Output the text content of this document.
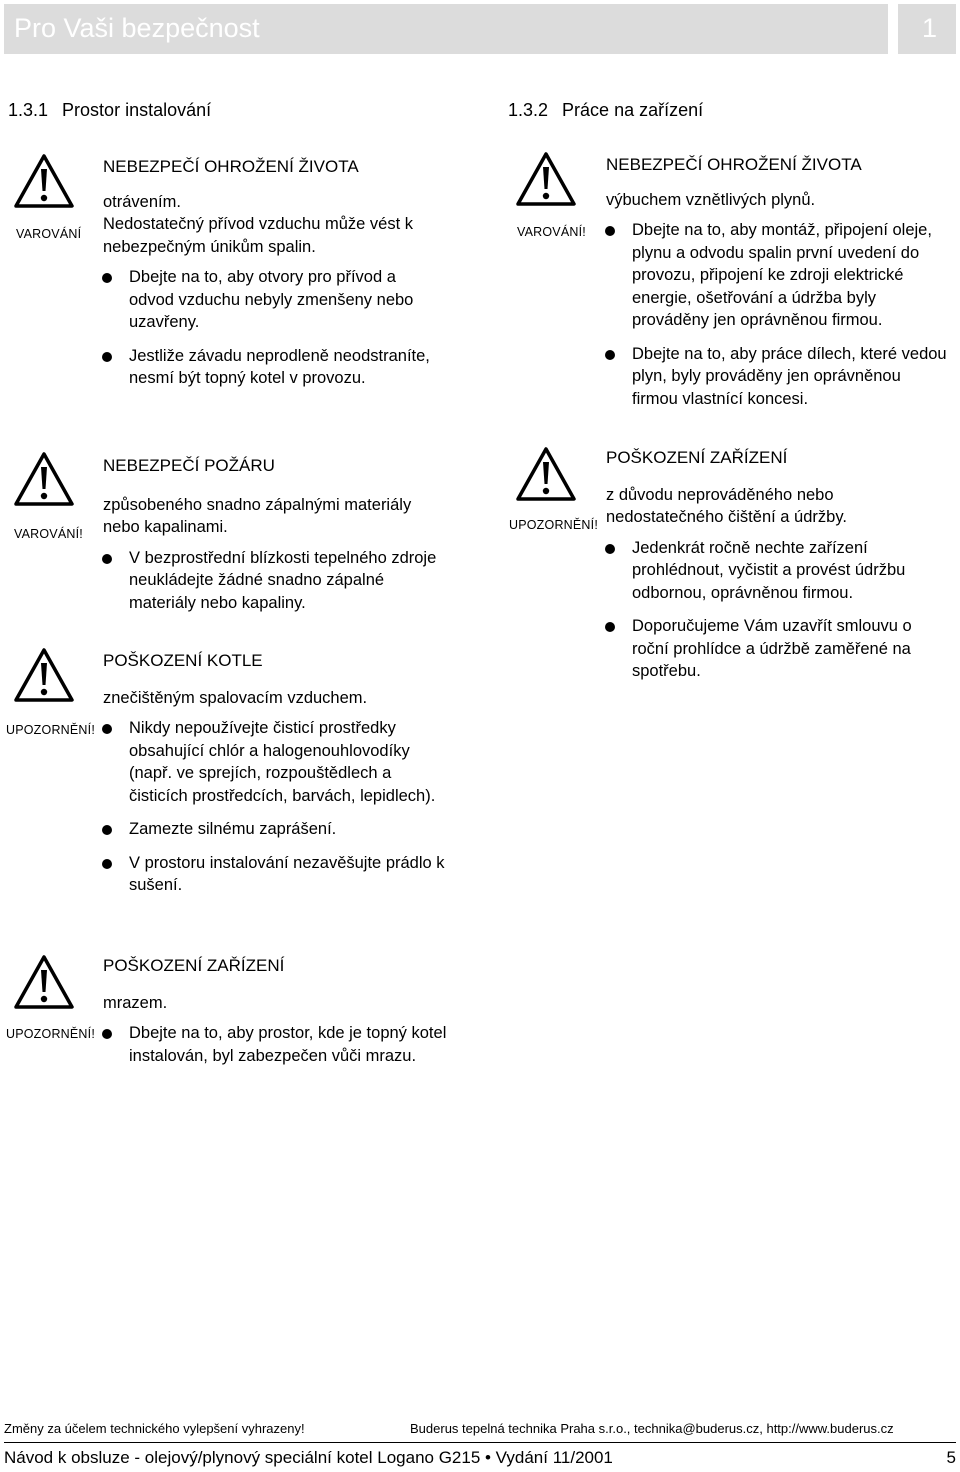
Pro Vaši bezpečnost	1
1.3.1 Prostor instalování	1.3.2 Práce na zařízení
VAROVÁNÍ
NEBEZPEČÍ OHROŽENÍ ŽIVOTA
otrávením.
Nedostatečný přívod vzduchu může vést k nebezpečným únikům spalin.
Dbejte na to, aby otvory pro přívod a odvod vzduchu nebyly zmenšeny nebo uzavřeny.
Jestliže závadu neprodleně neodstraníte, nesmí být topný kotel v provozu.
VAROVÁNÍ!
NEBEZPEČÍ POŽÁRU
způsobeného snadno zápalnými materiály nebo kapalinami.
V bezprostřední blízkosti tepelného zdroje neukládejte žádné snadno zápalné materiály nebo kapaliny.
UPOZORNĚNÍ!
POŠKOZENÍ KOTLE
znečištěným spalovacím vzduchem.
Nikdy nepoužívejte čisticí prostředky obsahující chlór a halogenouhlovodíky (např. ve sprejích, rozpouštědlech a čisticích prostředcích, barvách, lepidlech).
Zamezte silnému zaprášení.
V prostoru instalování nezavěšujte prádlo k sušení.
UPOZORNĚNÍ!
POŠKOZENÍ ZAŘÍZENÍ
mrazem.
Dbejte na to, aby prostor, kde je topný kotel instalován, byl zabezpečen vůči mrazu.
VAROVÁNÍ!
NEBEZPEČÍ OHROŽENÍ ŽIVOTA
výbuchem vznětlivých plynů.
Dbejte na to, aby montáž, připojení oleje, plynu a odvodu spalin první uvedení do provozu, připojení ke zdroji elektrické energie, ošetřování a údržba byly prováděny jen oprávněnou firmou.
Dbejte na to, aby práce dílech, které vedou plyn, byly prováděny jen oprávněnou firmou vlastnící koncesi.
UPOZORNĚNÍ!
POŠKOZENÍ ZAŘÍZENÍ
z důvodu neprováděného nebo nedostatečného čištění a údržby.
Jedenkrát ročně nechte zařízení prohlédnout, vyčistit a provést údržbu odbornou, oprávněnou firmou.
Doporučujeme Vám uzavřít smlouvu o roční prohlídce a údržbě zaměřené na spotřebu.
Změny za účelem technického vylepšení vyhrazeny!	Buderus tepelná technika Praha s.r.o., technika@buderus.cz, http://www.buderus.cz
Návod k obsluze - olejový/plynový speciální kotel Logano G215 • Vydání 11/2001	5
